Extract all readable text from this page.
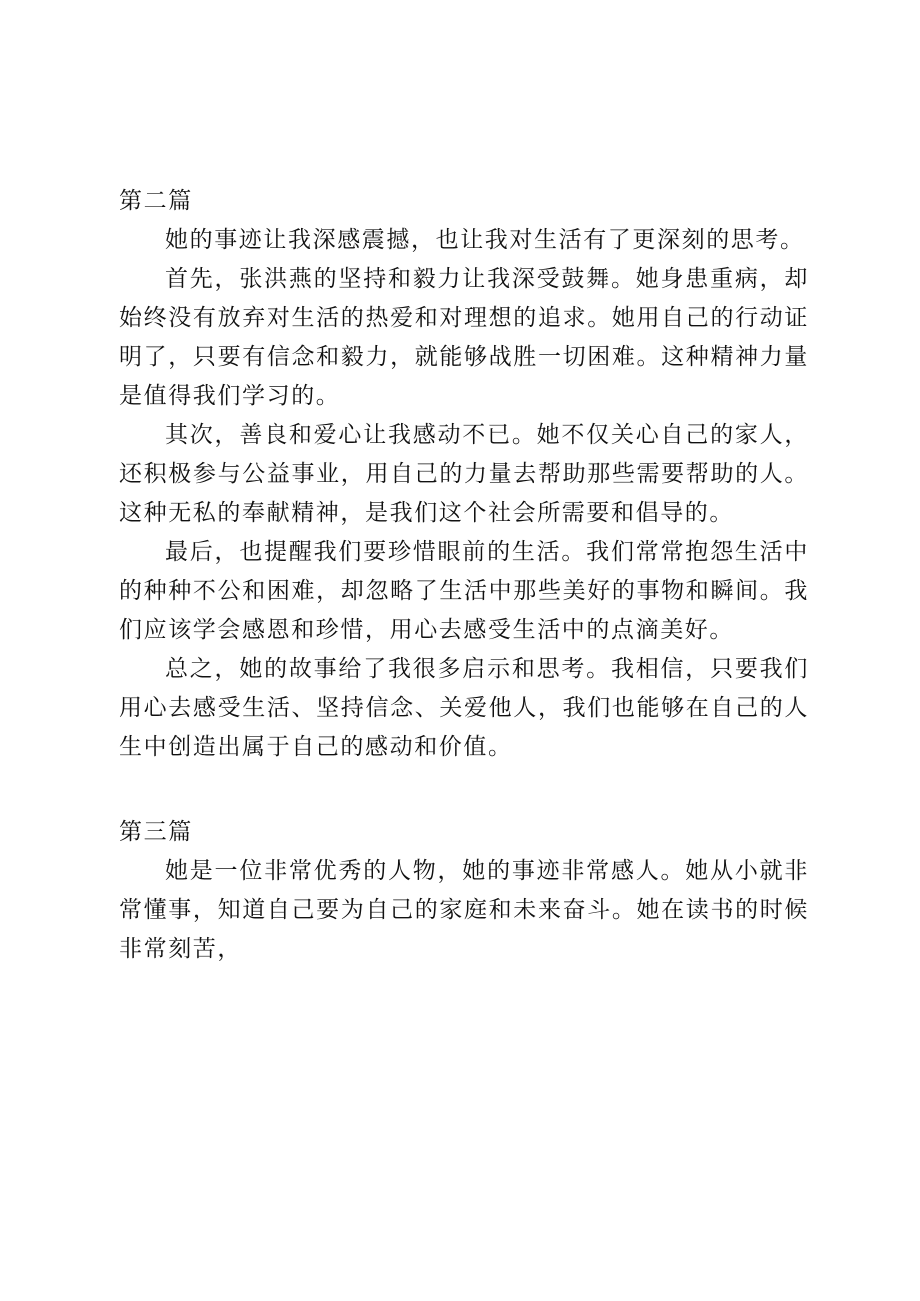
第二篇

她的事迹让我深感震撼，也让我对生活有了更深刻的思考。

首先，张洪燕的坚持和毅力让我深受鼓舞。她身患重病，却始终没有放弃对生活的热爱和对理想的追求。她用自己的行动证明了，只要有信念和毅力，就能够战胜一切困难。这种精神力量是值得我们学习的。

其次，善良和爱心让我感动不已。她不仅关心自己的家人，还积极参与公益事业，用自己的力量去帮助那些需要帮助的人。这种无私的奉献精神，是我们这个社会所需要和倡导的。

最后，也提醒我们要珍惜眼前的生活。我们常常抱怨生活中的种种不公和困难，却忽略了生活中那些美好的事物和瞬间。我们应该学会感恩和珍惜，用心去感受生活中的点滴美好。

总之，她的故事给了我很多启示和思考。我相信，只要我们用心去感受生活、坚持信念、关爱他人，我们也能够在自己的人生中创造出属于自己的感动和价值。

第三篇

她是一位非常优秀的人物，她的事迹非常感人。她从小就非常懂事，知道自己要为自己的家庭和未来奋斗。她在读书的时候非常刻苦，
